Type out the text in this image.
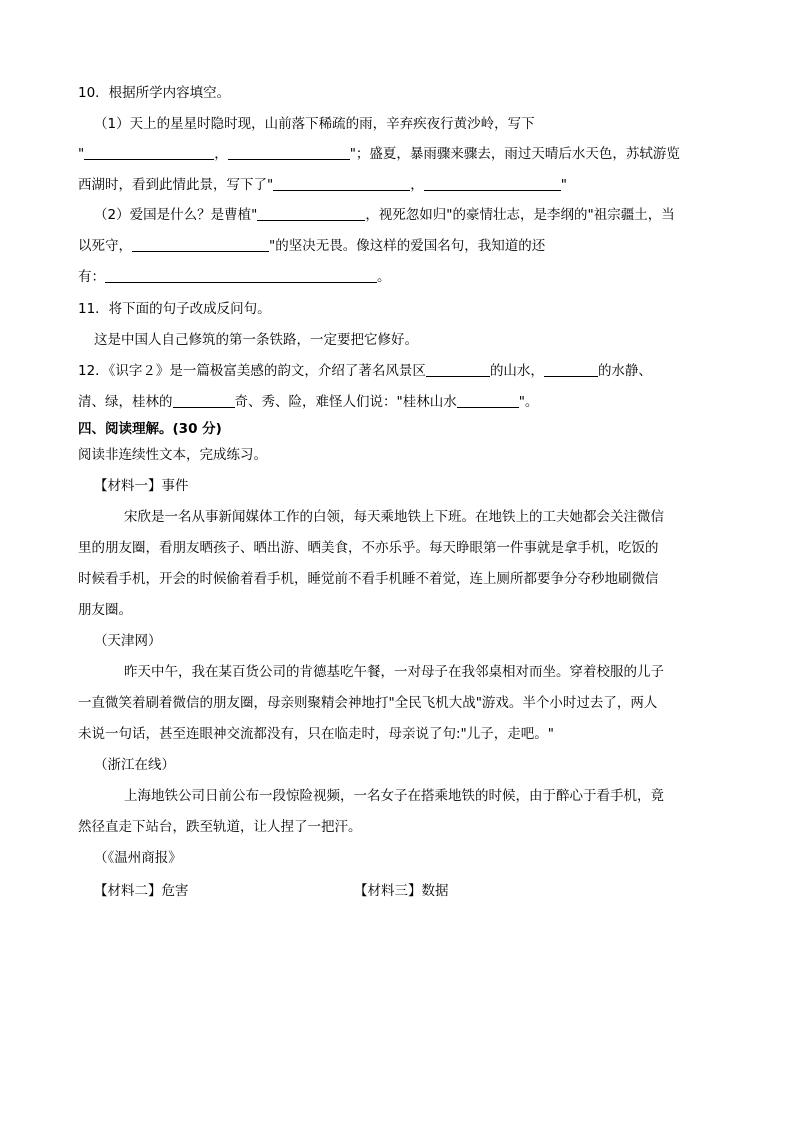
10．根据所学内容填空。
（1）天上的星星时隐时现，山前落下稀疏的雨，辛弃疾夜行黄沙岭，写下
"	，	"；盛夏，暴雨骤来骤去，雨过天晴后水天色，苏轼游览
西湖时，看到此情此景，写下了"	，	"
（2）爱国是什么？是曹植"	，视死忽如归"的豪情壮志，是李纲的"祖宗疆土，当
以死守，	"的坚决无畏。像这样的爱国名句，我知道的还
有：	。
11．将下面的句子改成反问句。
这是中国人自己修筑的第一条铁路，一定要把它修好。
12．《识字２》是一篇极富美感的韵文，介绍了著名风景区	的山水，	的水静、
清、绿，桂林的	奇、秀、险，难怪人们说："桂林山水	"。
四、阅读理解。(30 分)
阅读非连续性文本，完成练习。
【材料一】事件
宋欣是一名从事新闻媒体工作的白领，每天乘地铁上下班。在地铁上的工夫她都会关注微信
里的朋友圈，看朋友晒孩子、晒出游、晒美食，不亦乐乎。每天睁眼第一件事就是拿手机，吃饭的
时候看手机，开会的时候偷着看手机，睡觉前不看手机睡不着觉，连上厕所都要争分夺秒地刷微信
朋友圈。
（天津网）
昨天中午，我在某百货公司的肯德基吃午餐，一对母子在我邻桌相对而坐。穿着校服的儿子
一直微笑着刷着微信的朋友圈，母亲则聚精会神地打"全民飞机大战"游戏。半个小时过去了，两人
未说一句话，甚至连眼神交流都没有，只在临走时，母亲说了句:"儿子，走吧。"
（浙江在线）
上海地铁公司日前公布一段惊险视频，一名女子在搭乘地铁的时候，由于醉心于看手机，竟
然径直走下站台，跌至轨道，让人捏了一把汗。
（《温州商报》
【材料二】危害	【材料三】数据
